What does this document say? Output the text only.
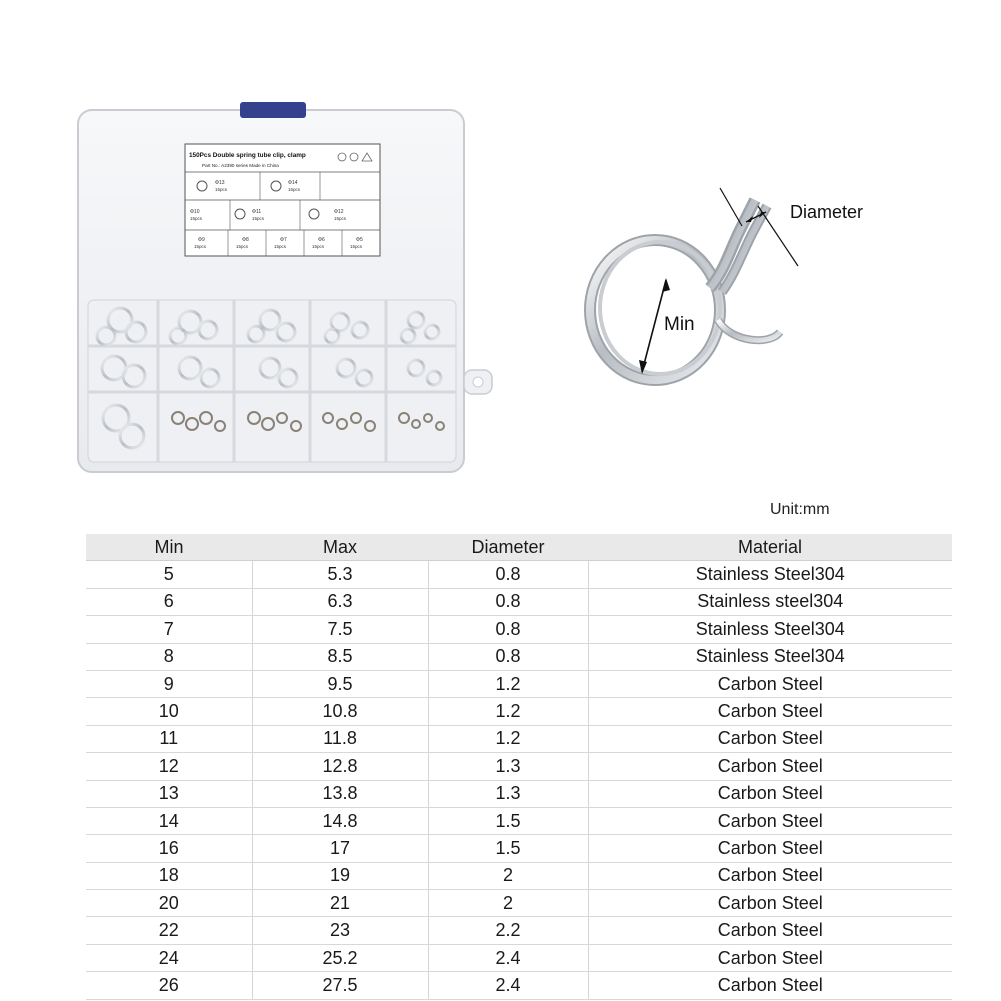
150Pcs Double spring tube clip, clamp
Part No.: A2390 series Made in China
Φ13
15pcs
Φ14
15pcs
Φ10
15pcs
Φ11
15pcs
Φ12
15pcs
Φ9
15pcs
Φ8
15pcs
Φ7
15pcs
Φ6
15pcs
Φ5
15pcs
Diameter
Min
Unit:mm
Min	Max	Diameter	Material
5	5.3	0.8	Stainless Steel304
6	6.3	0.8	Stainless steel304
7	7.5	0.8	Stainless Steel304
8	8.5	0.8	Stainless Steel304
9	9.5	1.2	Carbon Steel
10	10.8	1.2	Carbon Steel
11	11.8	1.2	Carbon Steel
12	12.8	1.3	Carbon Steel
13	13.8	1.3	Carbon Steel
14	14.8	1.5	Carbon Steel
16	17	1.5	Carbon Steel
18	19	2	Carbon Steel
20	21	2	Carbon Steel
22	23	2.2	Carbon Steel
24	25.2	2.4	Carbon Steel
26	27.5	2.4	Carbon Steel
